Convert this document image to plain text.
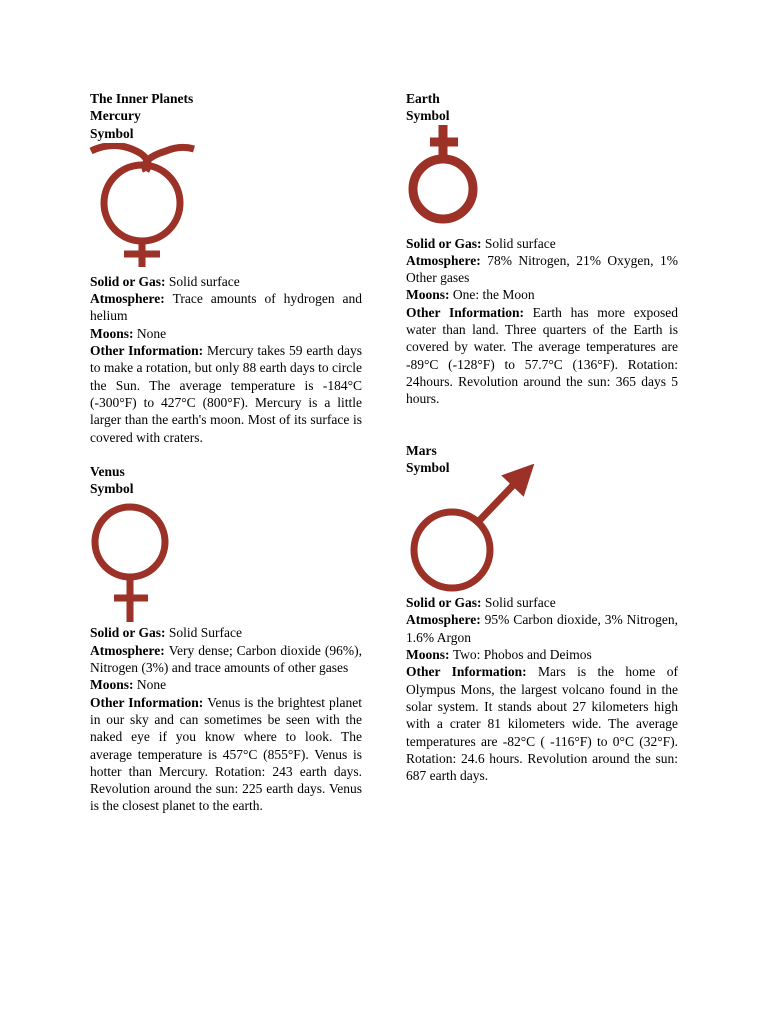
The Inner Planets
Mercury
Symbol
Solid or Gas: Solid surface
Atmosphere: Trace amounts of hydrogen and helium
Moons: None
Other Information: Mercury takes 59 earth days to make a rotation, but only 88 earth days to circle the Sun. The average temperature is -184°C (-300°F) to 427°C (800°F). Mercury is a little larger than the earth's moon. Most of its surface is covered with craters.
Venus
Symbol
Solid or Gas: Solid Surface
Atmosphere: Very dense; Carbon dioxide (96%), Nitrogen (3%) and trace amounts of other gases
Moons: None
Other Information: Venus is the brightest planet in our sky and can sometimes be seen with the naked eye if you know where to look. The average temperature is 457°C (855°F). Venus is hotter than Mercury. Rotation: 243 earth days. Revolution around the sun: 225 earth days. Venus is the closest planet to the earth.
Earth
Symbol
Solid or Gas: Solid surface
Atmosphere: 78% Nitrogen, 21% Oxygen, 1% Other gases
Moons: One: the Moon
Other Information: Earth has more exposed water than land. Three quarters of the Earth is covered by water. The average temperatures are -89°C (-128°F) to 57.7°C (136°F). Rotation: 24hours. Revolution around the sun: 365 days 5 hours.
Mars
Symbol
Solid or Gas: Solid surface
Atmosphere: 95% Carbon dioxide, 3% Nitrogen, 1.6% Argon
Moons: Two: Phobos and Deimos
Other Information: Mars is the home of Olympus Mons, the largest volcano found in the solar system. It stands about 27 kilometers high with a crater 81 kilometers wide. The average temperatures are -82°C ( -116°F) to 0°C (32°F). Rotation: 24.6 hours. Revolution around the sun: 687 earth days.
